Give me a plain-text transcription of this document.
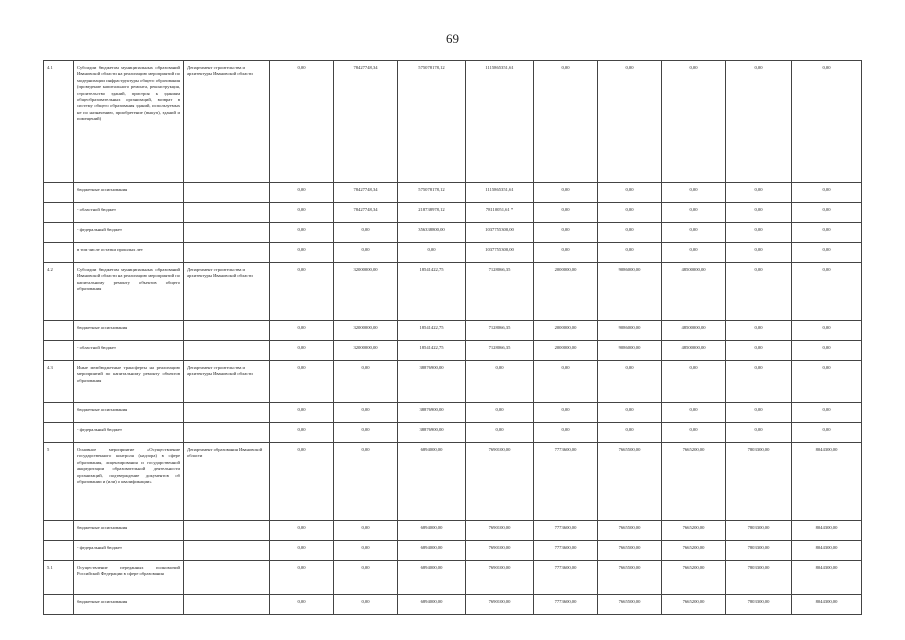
69
4.1	Субсидии бюджетам муниципальных образований Ивановской области на реализацию мероприятий по модернизации инфраструктуры общего образования (проведение капитального ремонта, реконструкция, строительство зданий, пристроя к зданиям общеобразовательных организаций, возврат в систему общего образования зданий, используемых не по назначению, приобретение (выкуп), зданий и помещений)	Департамент строительства и архитектуры Ивановской области	0,00	78427748,34	575078178,12	1115865351,61	0,00	0,00	0,00	0,00	0,00
	бюджетные ассигнования		0,00	78427748,34	575078178,12	1115865351,61	0,00	0,00	0,00	0,00	0,00
	- областной бюджет		0,00	78427748,34	218738978,12	78110051,61 *	0,00	0,00	0,00	0,00	0,00
	- федеральный бюджет		0,00	0,00	356338800,00	1037755300,00	0,00	0,00	0,00	0,00	0,00
	в том числе остатки прошлых лет		0,00	0,00	0,00	1037755300,00	0,00	0,00	0,00	0,00	0,00
4.2	Субсидии бюджетам муниципальных образований Ивановской области на реализацию мероприятий по капитальному ремонту объектов общего образования	Департамент строительства и архитектуры Ивановской области	0,00	32000000,00	18541422,75	7128066,35	2000000,00	9086000,00	48500000,00	0,00	0,00
	бюджетные ассигнования		0,00	32000000,00	18541422,75	7128066,35	2000000,00	9086000,00	48500000,00	0,00	0,00
	- областной бюджет		0,00	32000000,00	18541422,75	7128066,35	2000000,00	9086000,00	48500000,00	0,00	0,00
4.3	Иные межбюджетные трансферты на реализацию мероприятий по капитальному ремонту объектов образования	Департамент строительства и архитектуры Ивановской области	0,00	0,00	38876900,00	0,00	0,00	0,00	0,00	0,00	0,00
	бюджетные ассигнования		0,00	0,00	38876900,00	0,00	0,00	0,00	0,00	0,00	0,00
	- федеральный бюджет		0,00	0,00	38876900,00	0,00	0,00	0,00	0,00	0,00	0,00
5	Основное мероприятие «Осуществление государственного контроля (надзора) в сфере образования, лицензирования и государственной аккредитации образовательной деятельности организаций, подтверждение документов об образовании и (или) о квалификации»	Департамент образования Ивановской области	0,00	0,00	6894000,00	7690100,00	7773600,00	7665500,00	7665200,00	7803300,00	8044300,00
	бюджетные ассигнования		0,00	0,00	6894000,00	7690100,00	7773600,00	7665500,00	7665200,00	7803300,00	8044300,00
	- федеральный бюджет		0,00	0,00	6894000,00	7690100,00	7773600,00	7665500,00	7665200,00	7803300,00	8044300,00
5.1	Осуществление переданных полномочий Российской Федерации в сфере образования		0,00	0,00	6894000,00	7690100,00	7773600,00	7665500,00	7665200,00	7803300,00	8044300,00
	бюджетные ассигнования		0,00	0,00	6894000,00	7690100,00	7773600,00	7665500,00	7665200,00	7803300,00	8044300,00
